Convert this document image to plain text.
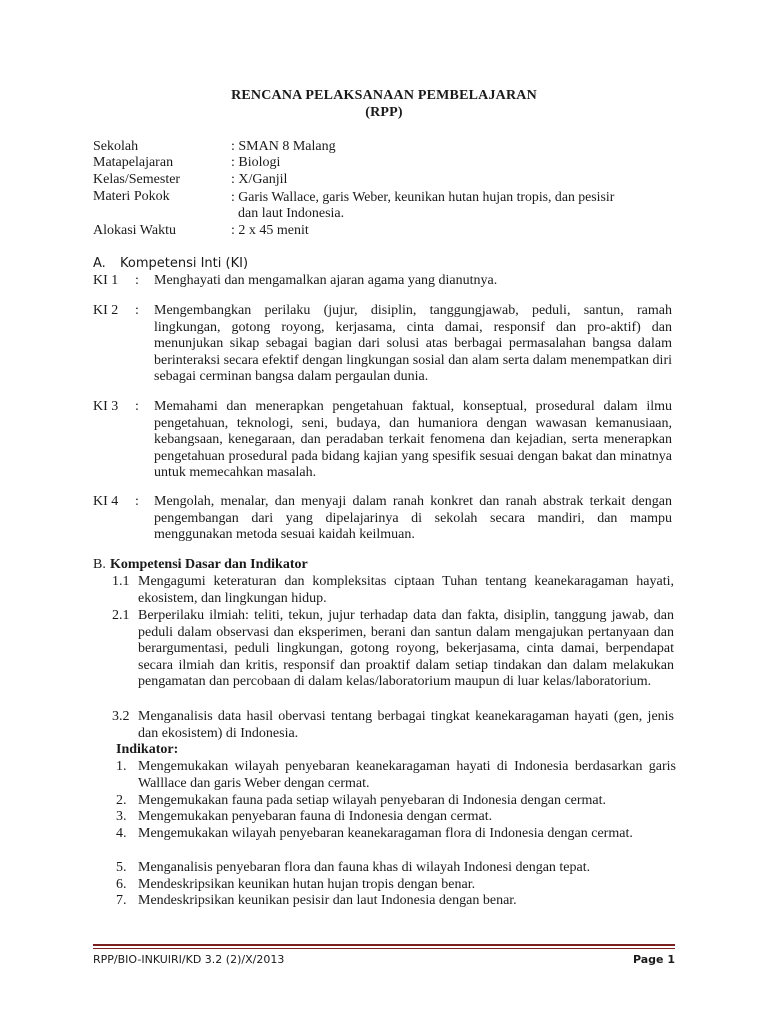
RENCANA PELAKSANAAN PEMBELAJARAN
(RPP)
Sekolah	: SMAN 8 Malang
Matapelajaran	: Biologi
Kelas/Semester	: X/Ganjil
Materi Pokok	: Garis Wallace, garis Weber, keunikan hutan hujan tropis, dan pesisir
dan laut Indonesia.
Alokasi Waktu	: 2 x 45 menit
A. Kompetensi Inti (KI)
KI 1 : Menghayati dan mengamalkan ajaran agama yang dianutnya.
KI 2 : Mengembangkan perilaku (jujur, disiplin, tanggungjawab, peduli, santun, ramah lingkungan, gotong royong, kerjasama, cinta damai, responsif dan pro-aktif) dan menunjukan sikap sebagai bagian dari solusi atas berbagai permasalahan bangsa dalam berinteraksi secara efektif dengan lingkungan sosial dan alam serta dalam menempatkan diri sebagai cerminan bangsa dalam pergaulan dunia.
KI 3 : Memahami dan menerapkan pengetahuan faktual, konseptual, prosedural dalam ilmu pengetahuan, teknologi, seni, budaya, dan humaniora dengan wawasan kemanusiaan, kebangsaan, kenegaraan, dan peradaban terkait fenomena dan kejadian, serta menerapkan pengetahuan prosedural pada bidang kajian yang spesifik sesuai dengan bakat dan minatnya untuk memecahkan masalah.
KI 4 : Mengolah, menalar, dan menyaji dalam ranah konkret dan ranah abstrak terkait dengan pengembangan dari yang dipelajarinya di sekolah secara mandiri, dan mampu menggunakan metoda sesuai kaidah keilmuan.
B. Kompetensi Dasar dan Indikator
1.1 Mengagumi keteraturan dan kompleksitas ciptaan Tuhan tentang keanekaragaman hayati, ekosistem, dan lingkungan hidup.
2.1 Berperilaku ilmiah: teliti, tekun, jujur terhadap data dan fakta, disiplin, tanggung jawab, dan peduli dalam observasi dan eksperimen, berani dan santun dalam mengajukan pertanyaan dan berargumentasi, peduli lingkungan, gotong royong, bekerjasama, cinta damai, berpendapat secara ilmiah dan kritis, responsif dan proaktif dalam setiap tindakan dan dalam melakukan pengamatan dan percobaan di dalam kelas/laboratorium maupun di luar kelas/laboratorium.
3.2 Menganalisis data hasil obervasi tentang berbagai tingkat keanekaragaman hayati (gen, jenis dan ekosistem) di Indonesia.
Indikator:
1. Mengemukakan wilayah penyebaran keanekaragaman hayati di Indonesia berdasarkan garis Walllace dan garis Weber dengan cermat.
2. Mengemukakan fauna pada setiap wilayah penyebaran di Indonesia dengan cermat.
3. Mengemukakan penyebaran fauna di Indonesia dengan cermat.
4. Mengemukakan wilayah penyebaran keanekaragaman flora di Indonesia dengan cermat.
5. Menganalisis penyebaran flora dan fauna khas di wilayah Indonesi dengan tepat.
6. Mendeskripsikan keunikan hutan hujan tropis dengan benar.
7. Mendeskripsikan keunikan pesisir dan laut Indonesia dengan benar.
RPP/BIO-INKUIRI/KD 3.2 (2)/X/2013	Page 1
